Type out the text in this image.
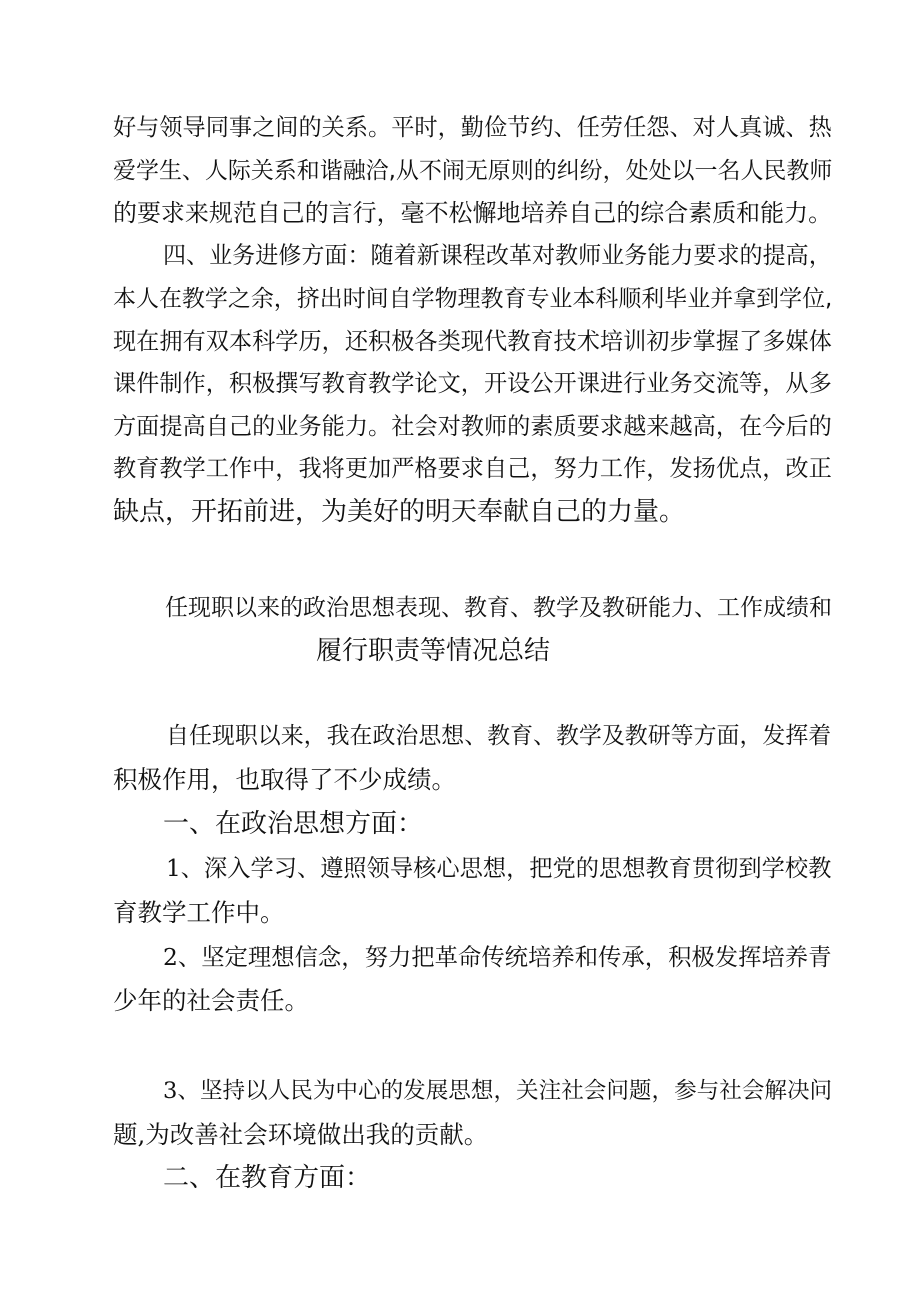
好与领导同事之间的关系。平时，勤俭节约、任劳任怨、对人真诚、热

爱学生、人际关系和谐融洽,从不闹无原则的纠纷，处处以一名人民教师

的要求来规范自己的言行，毫不松懈地培养自己的综合素质和能力。

四、业务进修方面：随着新课程改革对教师业务能力要求的提高，

本人在教学之余，挤出时间自学物理教育专业本科顺利毕业并拿到学位,

现在拥有双本科学历，还积极各类现代教育技术培训初步掌握了多媒体

课件制作，积极撰写教育教学论文，开设公开课进行业务交流等，从多

方面提高自己的业务能力。社会对教师的素质要求越来越高，在今后的

教育教学工作中，我将更加严格要求自己，努力工作，发扬优点，改正

缺点，开拓前进，为美好的明天奉献自己的力量。

任现职以来的政治思想表现、教育、教学及教研能力、工作成绩和

履行职责等情况总结

自任现职以来，我在政治思想、教育、教学及教研等方面，发挥着

积极作用，也取得了不少成绩。

一、在政治思想方面：

1、深入学习、遵照领导核心思想，把党的思想教育贯彻到学校教

育教学工作中。

2、坚定理想信念，努力把革命传统培养和传承，积极发挥培养青

少年的社会责任。

3、坚持以人民为中心的发展思想，关注社会问题，参与社会解决问

题,为改善社会环境做出我的贡献。

二、在教育方面：
